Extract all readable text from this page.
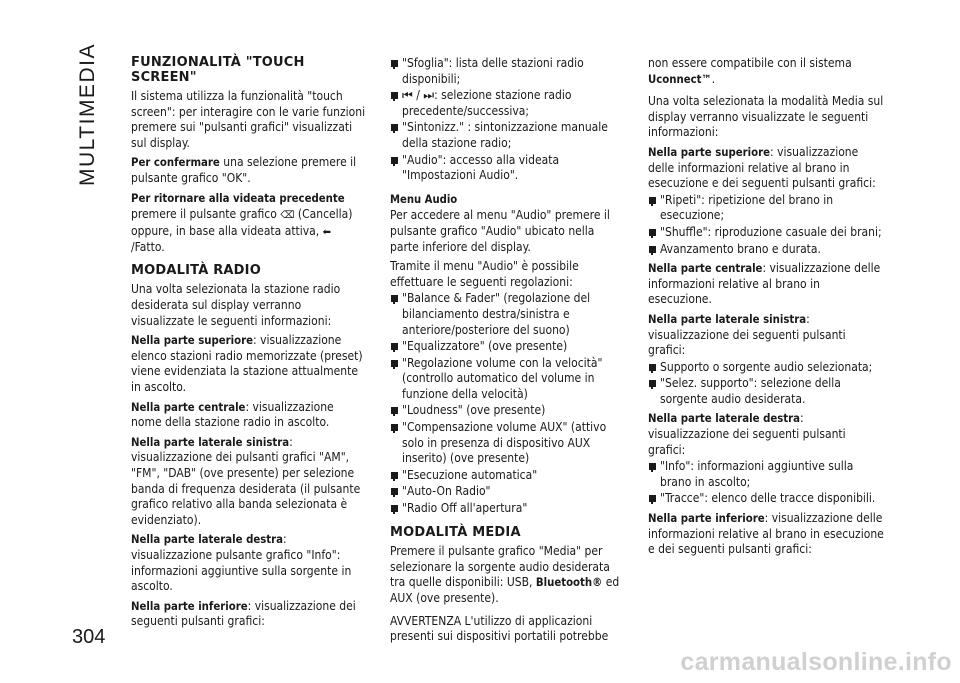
MULTIMEDIA
304
carmanualsonline.info
FUNZIONALITÀ "TOUCH SCREEN"

Il sistema utilizza la funzionalità "touch screen": per interagire con le varie funzioni premere sui "pulsanti grafici" visualizzati sul display.

Per confermare una selezione premere il pulsante grafico "OK".

Per ritornare alla videata precedente

premere il pulsante grafico ⌫ (Cancella) oppure, in base alla videata attiva, ⬅
/Fatto.

MODALITÀ RADIO

Una volta selezionata la stazione radio desiderata sul display verranno visualizzate le seguenti informazioni:

Nella parte superiore: visualizzazione elenco stazioni radio memorizzate (preset) viene evidenziata la stazione attualmente in ascolto.

Nella parte centrale: visualizzazione nome della stazione radio in ascolto.

Nella parte laterale sinistra: visualizzazione dei pulsanti grafici "AM", "FM", "DAB" (ove presente) per selezione banda di frequenza desiderata (il pulsante grafico relativo alla banda selezionata è evidenziato).

Nella parte laterale destra: visualizzazione pulsante grafico "Info": informazioni aggiuntive sulla sorgente in ascolto.

Nella parte inferiore: visualizzazione dei seguenti pulsanti grafici:

"Sfoglia": lista delle stazioni radio disponibili;

⏮ / ⏭: selezione stazione radio precedente/successiva;

"Sintonizz." : sintonizzazione manuale della stazione radio;

"Audio": accesso alla videata "Impostazioni Audio".

Menu Audio

Per accedere al menu "Audio" premere il pulsante grafico "Audio" ubicato nella parte inferiore del display.

Tramite il menu "Audio" è possibile effettuare le seguenti regolazioni:

"Balance & Fader" (regolazione del bilanciamento destra/sinistra e anteriore/posteriore del suono)

"Equalizzatore" (ove presente)

"Regolazione volume con la velocità" (controllo automatico del volume in funzione della velocità)

"Loudness" (ove presente)

"Compensazione volume AUX" (attivo solo in presenza di dispositivo AUX inserito) (ove presente)

"Esecuzione automatica"

"Auto-On Radio"

"Radio Off all'apertura"

MODALITÀ MEDIA

Premere il pulsante grafico "Media" per selezionare la sorgente audio desiderata tra quelle disponibili: USB, Bluetooth® ed AUX (ove presente).

AVVERTENZA L'utilizzo di applicazioni presenti sui dispositivi portatili potrebbe

non essere compatibile con il sistema Uconnect™.

Una volta selezionata la modalità Media sul display verranno visualizzate le seguenti informazioni:

Nella parte superiore: visualizzazione delle informazioni relative al brano in esecuzione e dei seguenti pulsanti grafici:

"Ripeti": ripetizione del brano in esecuzione;

"Shuffle": riproduzione casuale dei brani;

Avanzamento brano e durata.

Nella parte centrale: visualizzazione delle informazioni relative al brano in esecuzione.

Nella parte laterale sinistra: visualizzazione dei seguenti pulsanti grafici:

Supporto o sorgente audio selezionata;

"Selez. supporto": selezione della sorgente audio desiderata.

Nella parte laterale destra: visualizzazione dei seguenti pulsanti grafici:

"Info": informazioni aggiuntive sulla brano in ascolto;

"Tracce": elenco delle tracce disponibili.

Nella parte inferiore: visualizzazione delle informazioni relative al brano in esecuzione e dei seguenti pulsanti grafici:
